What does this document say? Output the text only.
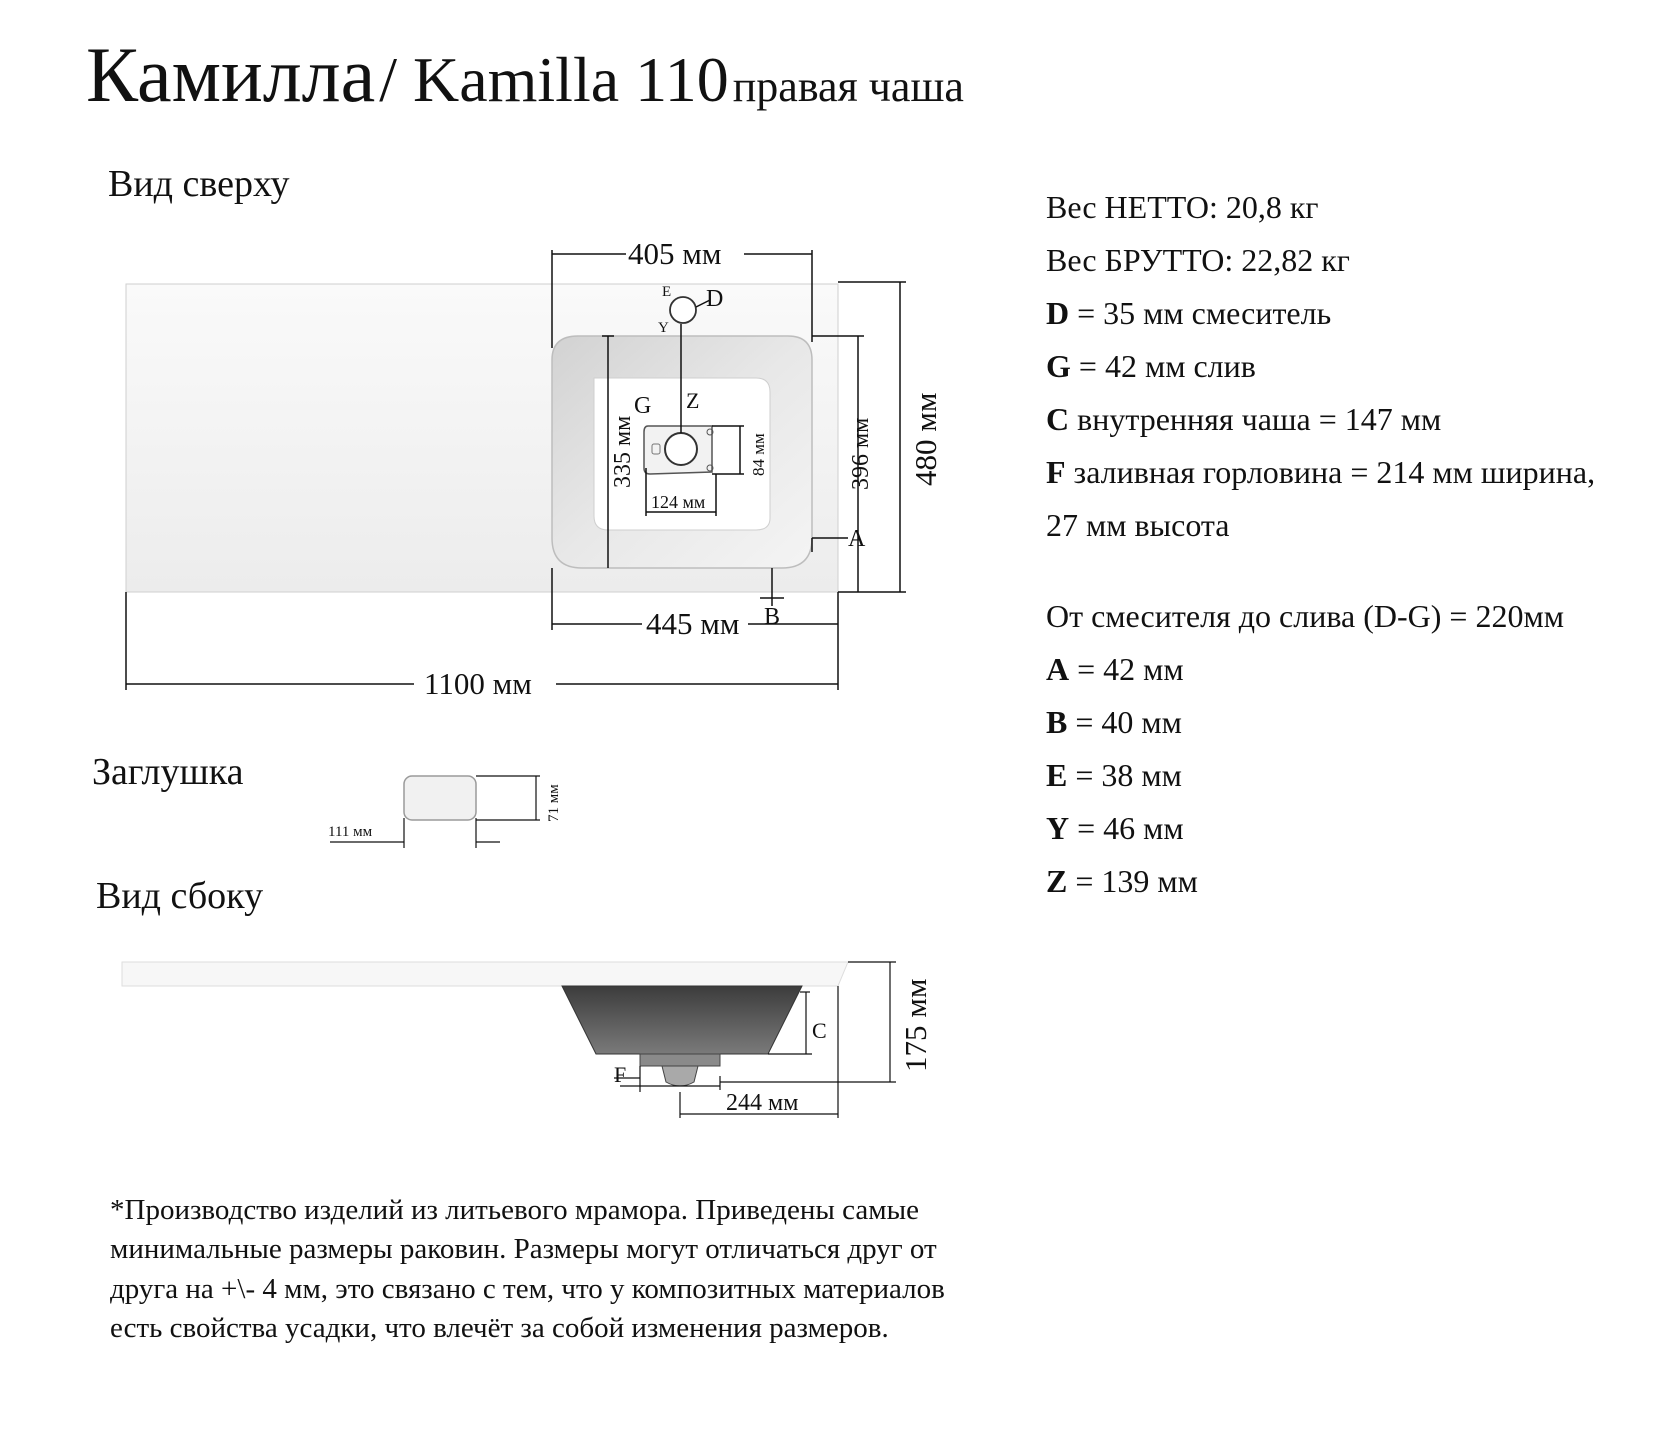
Камилла / Kamilla 110 правая чаша
Вид сверху
Заглушка
Вид сбоку
405 мм
480 мм
396 мм
335 мм	84 мм
124 мм
D
E
Y
G Z
A
B
445 мм
1100 мм
111 мм
71 мм
175 мм
C
F
244 мм
Вес НЕТТО: 20,8 кг
Вес БРУТТО: 22,82 кг
D = 35 мм смеситель
G = 42 мм слив
C внутренняя чаша = 147 мм
F заливная горловина = 214 мм ширина,
27 мм высота
От смесителя до слива (D-G) = 220мм
A = 42 мм
B = 40 мм
E = 38 мм
Y = 46 мм
Z = 139 мм
*Производство изделий из литьевого мрамора. Приведены самые минимальные размеры раковин. Размеры могут отличаться друг от друга на +\- 4 мм, это связано с тем, что у композитных материалов есть свойства усадки, что влечёт за собой изменения размеров.
